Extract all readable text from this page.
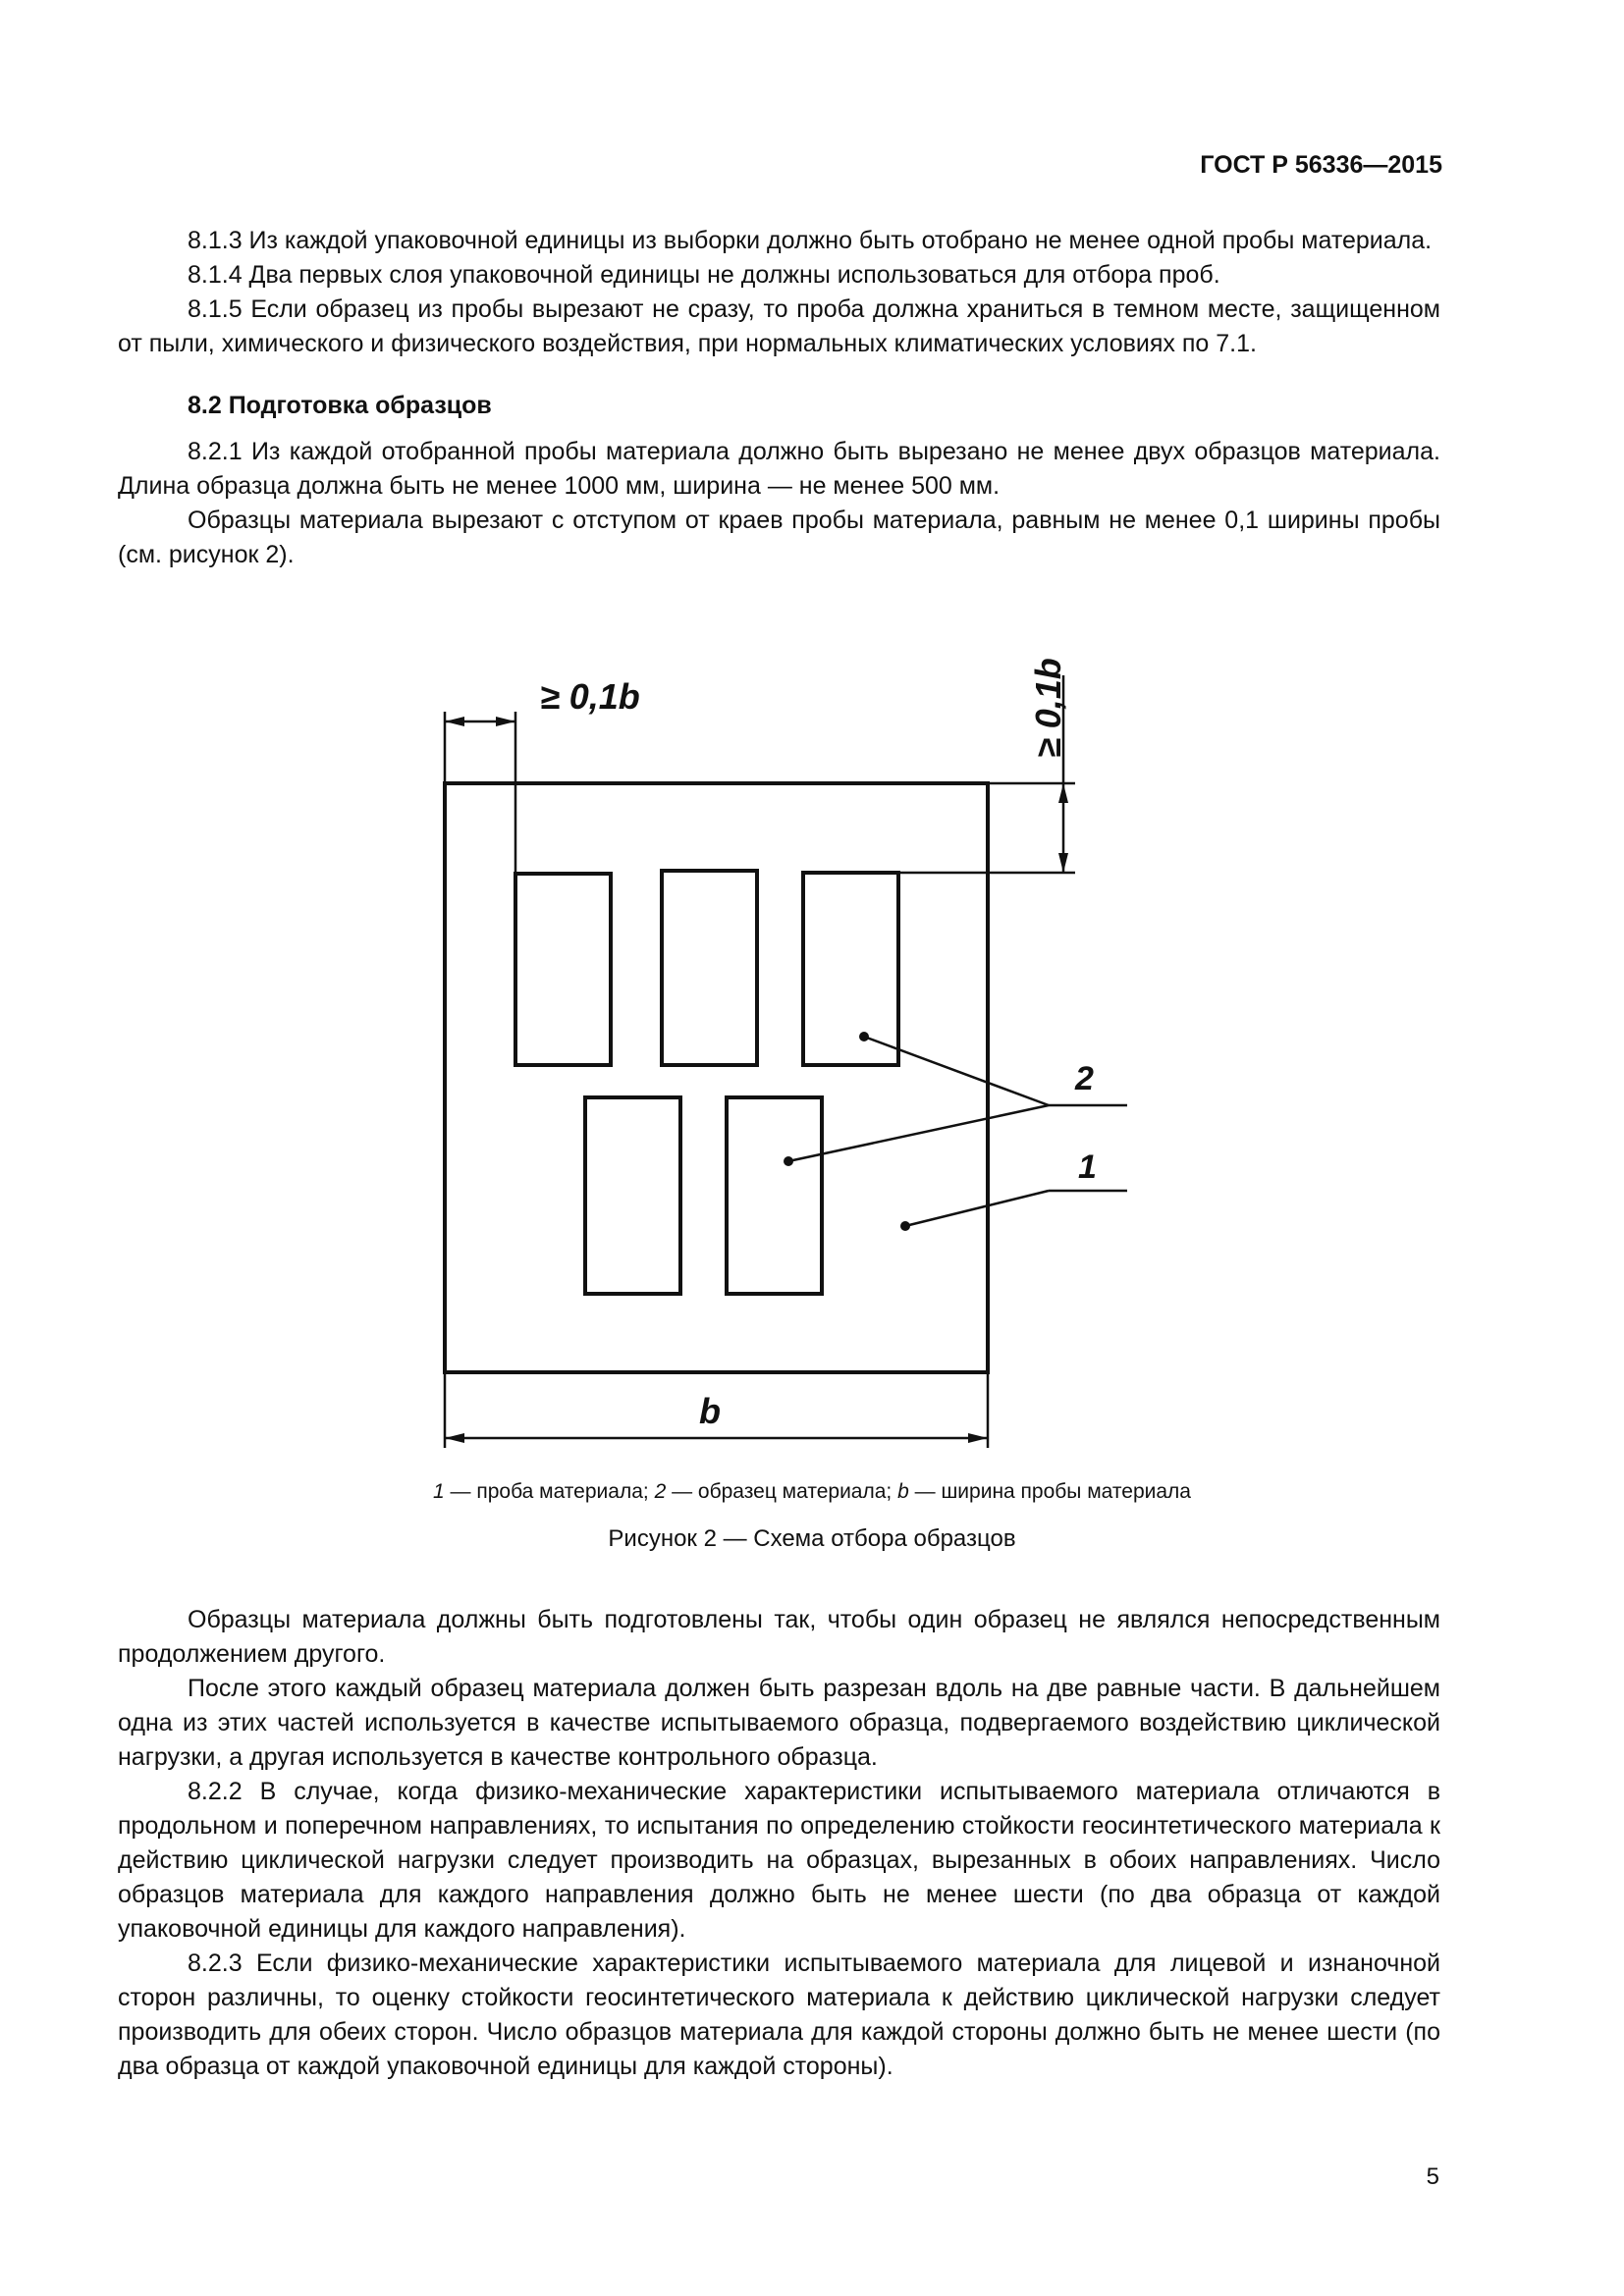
ГОСТ Р 56336—2015

8.1.3 Из каждой упаковочной единицы из выборки должно быть отобрано не менее одной пробы материала.

8.1.4 Два первых слоя упаковочной единицы не должны использоваться для отбора проб.

8.1.5 Если образец из пробы вырезают не сразу, то проба должна храниться в темном месте, защищенном от пыли, химического и физического воздействия, при нормальных климатических условиях по 7.1.

8.2 Подготовка образцов

8.2.1 Из каждой отобранной пробы материала должно быть вырезано не менее двух образцов материала. Длина образца должна быть не менее 1000 мм, ширина — не менее 500 мм.

Образцы материала вырезают с отступом от краев пробы материала, равным не менее 0,1 ширины пробы (см. рисунок 2).

≥ 0,1b	≥ 0,1b
b
2
1
1 — проба материала; 2 — образец материала; b — ширина пробы материала
Рисунок 2 — Схема отбора образцов

Образцы материала должны быть подготовлены так, чтобы один образец не являлся непосредственным продолжением другого.

После этого каждый образец материала должен быть разрезан вдоль на две равные части. В дальнейшем одна из этих частей используется в качестве испытываемого образца, подвергаемого воздействию циклической нагрузки, а другая используется в качестве контрольного образца.

8.2.2 В случае, когда физико-механические характеристики испытываемого материала отличаются в продольном и поперечном направлениях, то испытания по определению стойкости геосинтетического материала к действию циклической нагрузки следует производить на образцах, вырезанных в обоих направлениях. Число образцов материала для каждого направления должно быть не менее шести (по два образца от каждой упаковочной единицы для каждого направления).

8.2.3 Если физико-механические характеристики испытываемого материала для лицевой и изнаночной сторон различны, то оценку стойкости геосинтетического материала к действию циклической нагрузки следует производить для обеих сторон. Число образцов материала для каждой стороны должно быть не менее шести (по два образца от каждой упаковочной единицы для каждой стороны).

5
